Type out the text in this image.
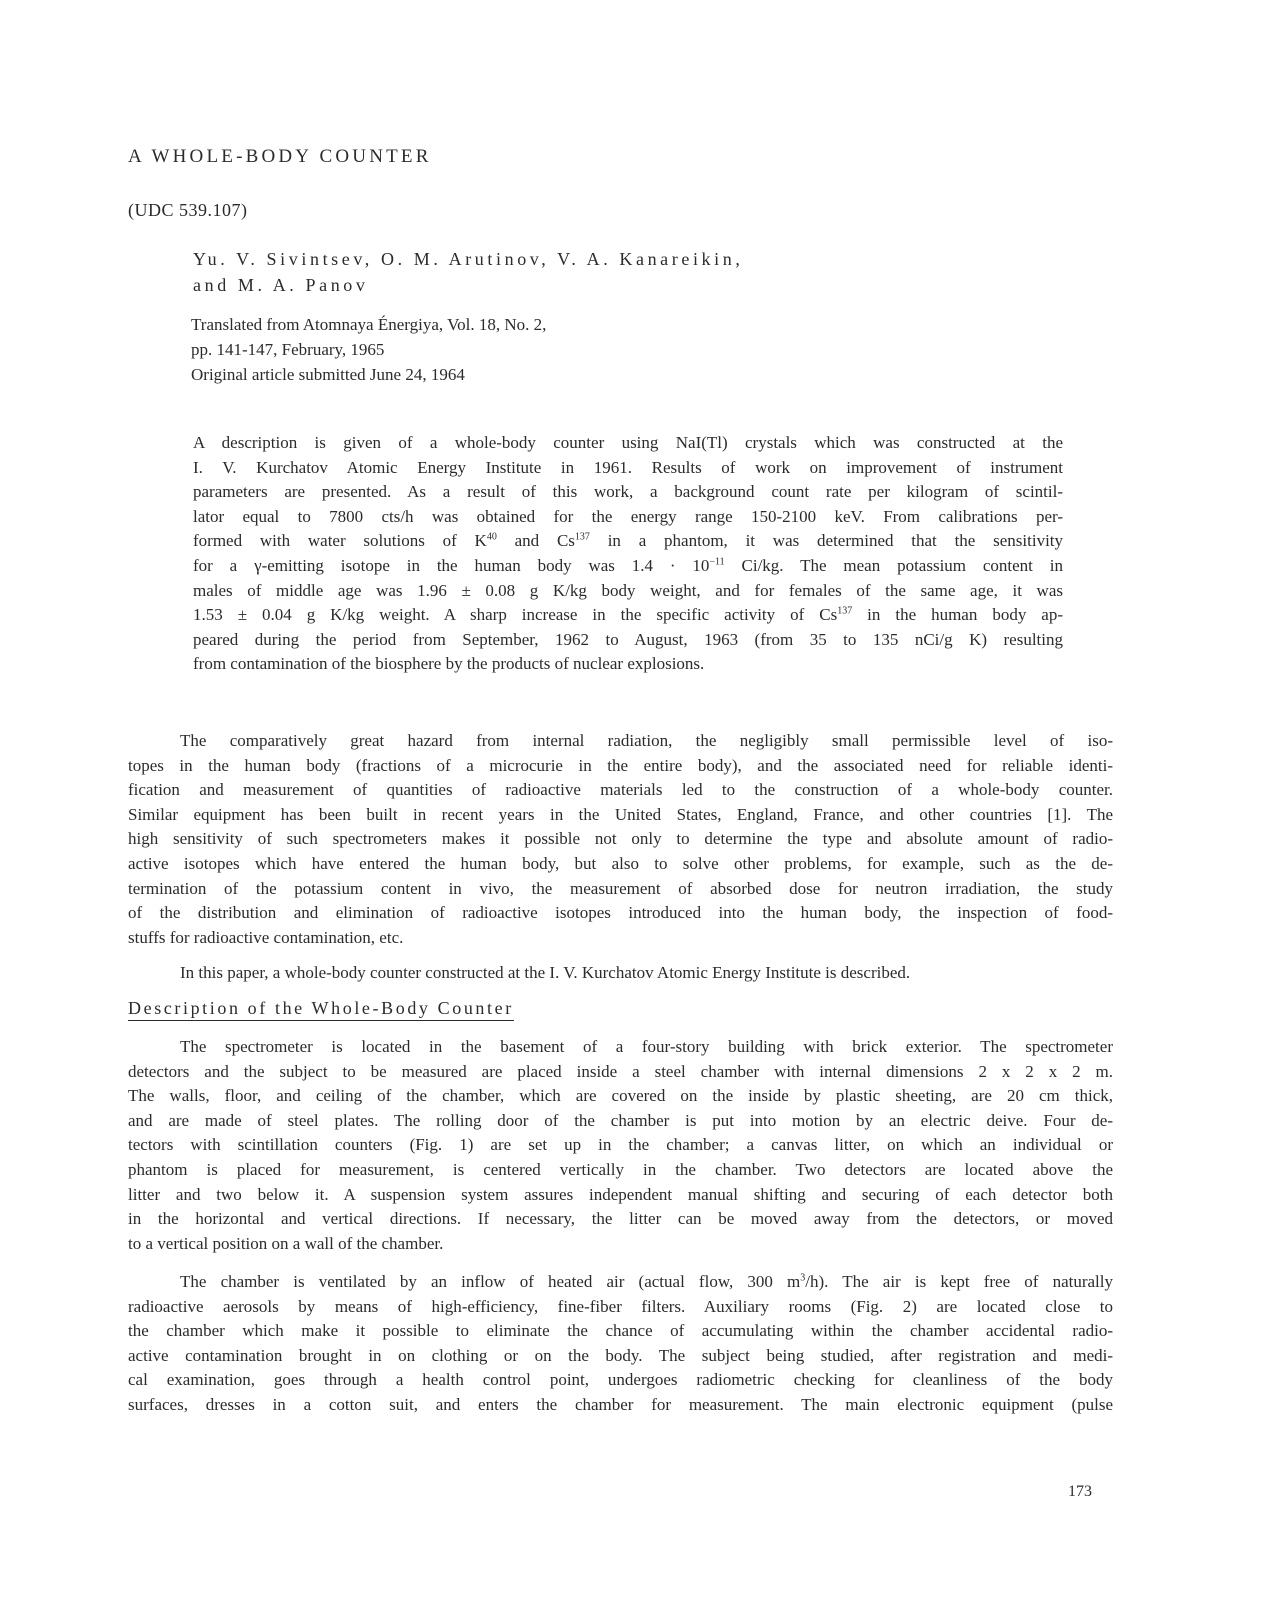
A WHOLE-BODY COUNTER
(UDC 539.107)
Yu. V. Sivintsev, O. M. Arutinov, V. A. Kanareikin,
and M. A. Panov
Translated from Atomnaya Énergiya, Vol. 18, No. 2,
pp. 141-147, February, 1965
Original article submitted June 24, 1964
A description is given of a whole-body counter using NaI(Tl) crystals which was constructed at the
I. V. Kurchatov Atomic Energy Institute in 1961. Results of work on improvement of instrument
parameters are presented. As a result of this work, a background count rate per kilogram of scintil-
lator equal to 7800 cts/h was obtained for the energy range 150-2100 keV. From calibrations per-
formed with water solutions of $K^{40}$ and Cs$^{137}$ in a phantom, it was determined that the sensitivity
for a γ-emitting isotope in the human body was $1.4 \cdot 10^{-11}$ Ci/kg. The mean potassium content in
males of middle age was 1.96 ± 0.08 g K/kg body weight, and for females of the same age, it was
1.53 ± 0.04 g K/kg weight. A sharp increase in the specific activity of Cs$^{137}$ in the human body ap-
peared during the period from September, 1962 to August, 1963 (from 35 to 135 nCi/g K) resulting
from contamination of the biosphere by the products of nuclear explosions.
The comparatively great hazard from internal radiation, the negligibly small permissible level of iso-
topes in the human body (fractions of a microcurie in the entire body), and the associated need for reliable identi-
fication and measurement of quantities of radioactive materials led to the construction of a whole-body counter.
Similar equipment has been built in recent years in the United States, England, France, and other countries [1]. The
high sensitivity of such spectrometers makes it possible not only to determine the type and absolute amount of radio-
active isotopes which have entered the human body, but also to solve other problems, for example, such as the de-
termination of the potassium content in vivo, the measurement of absorbed dose for neutron irradiation, the study
of the distribution and elimination of radioactive isotopes introduced into the human body, the inspection of food-
stuffs for radioactive contamination, etc.
In this paper, a whole-body counter constructed at the I. V. Kurchatov Atomic Energy Institute is described.
Description of the Whole-Body Counter
The spectrometer is located in the basement of a four-story building with brick exterior. The spectrometer
detectors and the subject to be measured are placed inside a steel chamber with internal dimensions 2 x 2 x 2 m.
The walls, floor, and ceiling of the chamber, which are covered on the inside by plastic sheeting, are 20 cm thick,
and are made of steel plates. The rolling door of the chamber is put into motion by an electric deive. Four de-
tectors with scintillation counters (Fig. 1) are set up in the chamber; a canvas litter, on which an individual or
phantom is placed for measurement, is centered vertically in the chamber. Two detectors are located above the
litter and two below it. A suspension system assures independent manual shifting and securing of each detector both
in the horizontal and vertical directions. If necessary, the litter can be moved away from the detectors, or moved
to a vertical position on a wall of the chamber.
The chamber is ventilated by an inflow of heated air (actual flow, 300 $m^3/h$). The air is kept free of naturally
radioactive aerosols by means of high-efficiency, fine-fiber filters. Auxiliary rooms (Fig. 2) are located close to
the chamber which make it possible to eliminate the chance of accumulating within the chamber accidental radio-
active contamination brought in on clothing or on the body. The subject being studied, after registration and medi-
cal examination, goes through a health control point, undergoes radiometric checking for cleanliness of the body
surfaces, dresses in a cotton suit, and enters the chamber for measurement. The main electronic equipment (pulse
173
